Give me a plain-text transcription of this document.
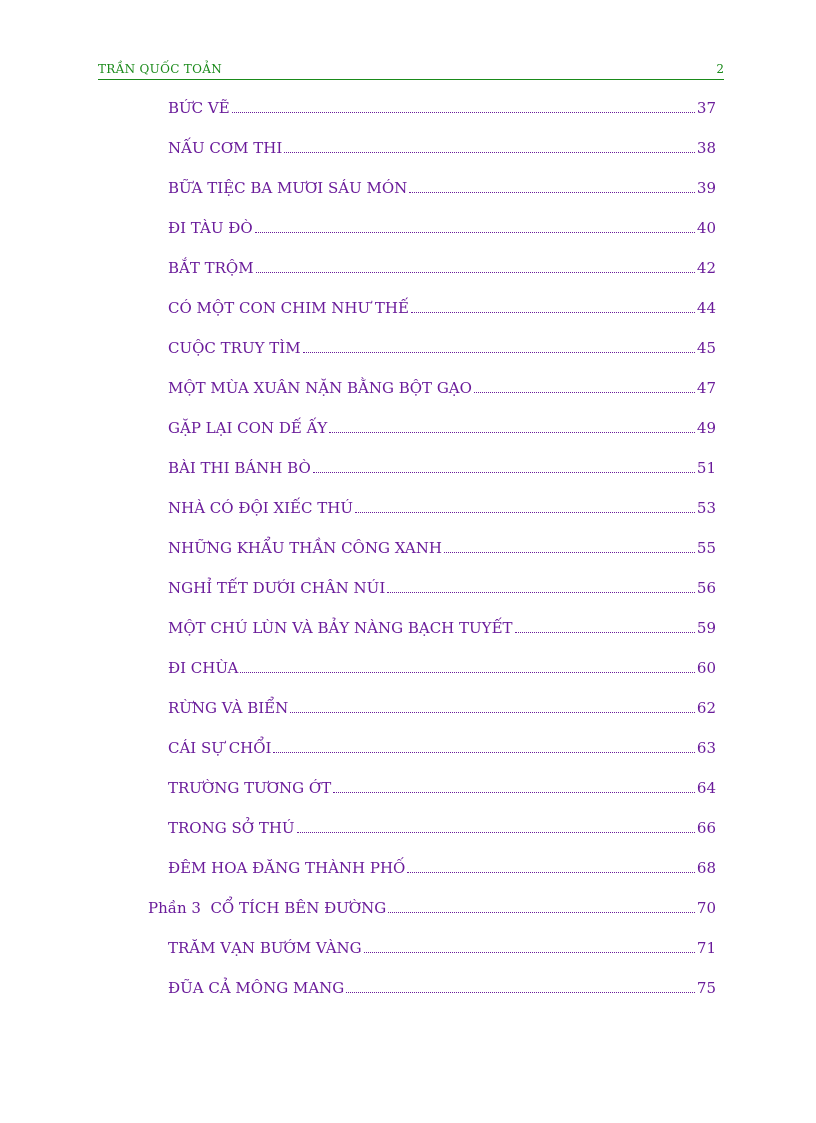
TRẦN QUỐC TOẢN	2
BỨC VẼ	37
NẤU CƠM THI	38
BỮA TIỆC BA MƯƠI SÁU MÓN	39
ĐI TÀU ĐÒ	40
BẮT TRỘM	42
CÓ MỘT CON CHIM NHƯ THẾ	44
CUỘC TRUY TÌM	45
MỘT MÙA XUÂN NẶN BẰNG BỘT GẠO	47
GẶP LẠI CON DẾ ẤY	49
BÀI THI BÁNH BÒ	51
NHÀ CÓ ĐỘI XIẾC THÚ	53
NHỮNG KHẨU THẦN CÔNG XANH	55
NGHỈ TẾT DƯỚI CHÂN NÚI	56
MỘT CHÚ LÙN VÀ BẢY NÀNG BẠCH TUYẾT	59
ĐI CHÙA	60
RỪNG VÀ BIỂN	62
CÁI SỰ CHỔI	63
TRƯỜNG TƯƠNG ỚT	64
TRONG SỞ THÚ	66
ĐÊM HOA ĐĂNG THÀNH PHỐ	68
Phần 3  CỔ TÍCH BÊN ĐƯỜNG	70
TRĂM VẠN BƯỚM VÀNG	71
ĐŨA CẢ MÔNG MANG	75
